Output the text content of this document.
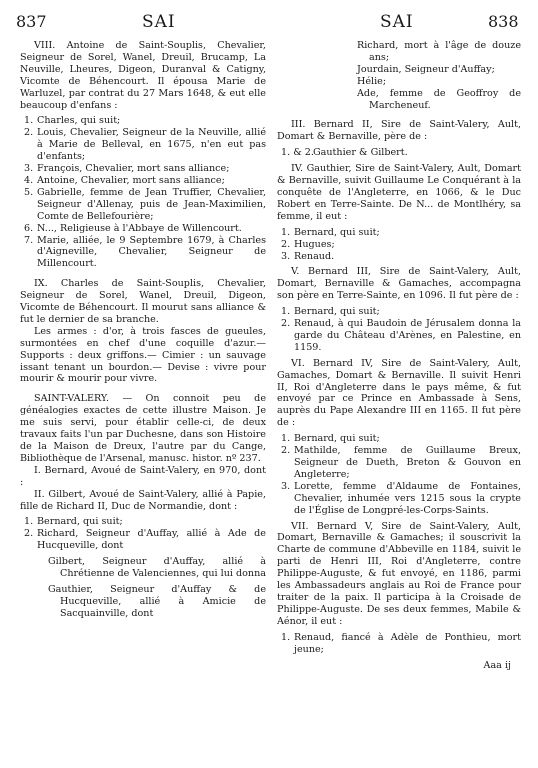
837	SAI	SAI	838

VIII. Antoine de Saint-Souplis, Chevalier, Seigneur de Sorel, Wanel, Dreuil, Brucamp, La Neuville, Lheures, Digeon, Duranval & Catigny, Vicomte de Béhencourt. Il épousa Marie de Warluzel, par contrat du 27 Mars 1648, & eut elle beaucoup d'enfans :

1. Charles, qui suit;

2. Louis, Chevalier, Seigneur de la Neuville, allié à Marie de Belleval, en 1675, n'en eut pas d'enfants;

3. François, Chevalier, mort sans alliance;

4. Antoine, Chevalier, mort sans alliance;

5. Gabrielle, femme de Jean Truffier, Chevalier, Seigneur d'Allenay, puis de Jean-Maximilien, Comte de Bellefourière;

6. N..., Religieuse à l'Abbaye de Willencourt.

7. Marie, alliée, le 9 Septembre 1679, à Charles d'Aigneville, Chevalier, Seigneur de Millencourt.

IX. Charles de Saint-Souplis, Chevalier, Seigneur de Sorel, Wanel, Dreuil, Digeon, Vicomte de Béhencourt. Il mourut sans alliance & fut le dernier de sa branche.

Les armes : d'or, à trois fasces de gueules, surmontées en chef d'une coquille d'azur.— Supports : deux griffons.— Cimier : un sauvage issant tenant un bourdon.— Devise : vivre pour mourir & mourir pour vivre.

SAINT-VALERY. — On connoit peu de généalogies exactes de cette illustre Maison. Je me suis servi, pour établir celle-ci, de deux travaux faits l'un par Duchesne, dans son Histoire de la Maison de Dreux, l'autre par du Cange, Bibliothèque de l'Arsenal, manusc. histor. nº 237.

I. Bernard, Avoué de Saint-Valery, en 970, dont :

II. Gilbert, Avoué de Saint-Valery, allié à Papie, fille de Richard II, Duc de Normandie, dont :

1. Bernard, qui suit;

2. Richard, Seigneur d'Auffay, allié à Ade de Hucqueville, dont

Gilbert, Seigneur d'Auffay, allié à Chrétienne de Valenciennes, qui lui donna

Gauthier, Seigneur d'Auffay & de Hucqueville, allié à Amicie de Sacquainville, dont

Richard, mort à l'âge de douze ans;

Jourdain, Seigneur d'Auffay;

Hélie;

Ade, femme de Geoffroy de Marcheneuf.

III. Bernard II, Sire de Saint-Valery, Ault, Domart & Bernaville, père de :

1. & 2. Gauthier & Gilbert.

IV. Gauthier, Sire de Saint-Valery, Ault, Domart & Bernaville, suivit Guillaume Le Conquérant à la conquête de l'Angleterre, en 1066, & le Duc Robert en Terre-Sainte. De N... de Montlhéry, sa femme, il eut :

1. Bernard, qui suit;

2. Hugues;

3. Renaud.

V. Bernard III, Sire de Saint-Valery, Ault, Domart, Bernaville & Gamaches, accompagna son père en Terre-Sainte, en 1096. Il fut père de :

1. Bernard, qui suit;

2. Renaud, à qui Baudoin de Jérusalem donna la garde du Château d'Arènes, en Palestine, en 1159.

VI. Bernard IV, Sire de Saint-Valery, Ault, Gamaches, Domart & Bernaville. Il suivit Henri II, Roi d'Angleterre dans le pays même, & fut envoyé par ce Prince en Ambassade à Sens, auprès du Pape Alexandre III en 1165. Il fut père de :

1. Bernard, qui suit;

2. Mathilde, femme de Guillaume Breux, Seigneur de Dueth, Breton & Gouvon en Angleterre;

3. Lorette, femme d'Aldaume de Fontaines, Chevalier, inhumée vers 1215 sous la crypte de l'Église de Longpré-les-Corps-Saints.

VII. Bernard V, Sire de Saint-Valery, Ault, Domart, Bernaville & Gamaches; il souscrivit la Charte de commune d'Abbeville en 1184, suivit le parti de Henri III, Roi d'Angleterre, contre Philippe-Auguste, & fut envoyé, en 1186, parmi les Ambassadeurs anglais au Roi de France pour traiter de la paix. Il participa à la Croisade de Philippe-Auguste. De ses deux femmes, Mabile & Aénor, il eut :

1. Renaud, fiancé à Adèle de Ponthieu, mort jeune;

Aaa ij
